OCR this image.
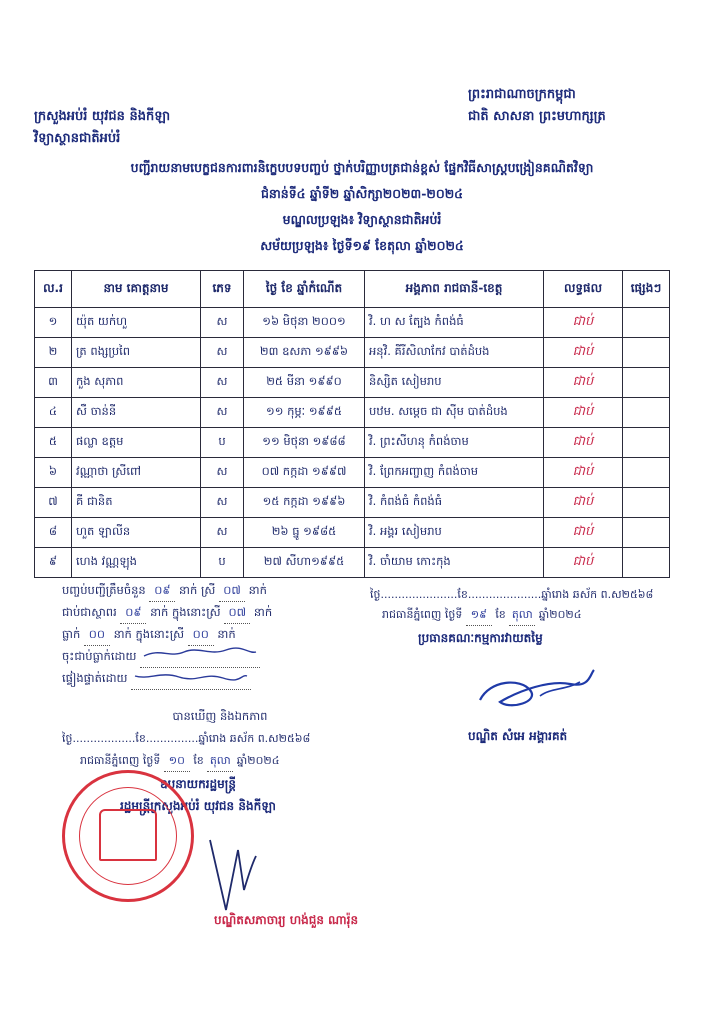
ក្រសួងអប់រំ យុវជន និងកីឡា
វិទ្យាស្ថានជាតិអប់រំ
ព្រះរាជាណាចក្រកម្ពុជា
ជាតិ សាសនា ព្រះមហាក្សត្រ
បញ្ជីរាយនាមបេក្ខជនការពារនិក្ខេបបទបញ្ចប់ ថ្នាក់បរិញ្ញាបត្រជាន់ខ្ពស់ ផ្នែកវិធីសាស្ត្របង្រៀនគណិតវិទ្យា
ជំនាន់ទី៤ ឆ្នាំទី២ ឆ្នាំសិក្សា២០២៣-២០២៤
មណ្ឌលប្រឡង៖ វិទ្យាស្ថានជាតិអប់រំ
សម័យប្រឡង៖ ថ្ងៃទី១៩ ខែតុលា ឆ្នាំ២០២៤
ល.រ	នាម គោត្តនាម	ភេទ	ថ្ងៃ ខែ ឆ្នាំកំណើត	អង្គភាព រាជធានី-ខេត្ត	លទ្ធផល	ផ្សេងៗ
១	យ៉ុត យក់ហួ	ស	១៦ មិថុនា ២០០១	វិ. ហ ស ត្បែង កំពង់ធំ	ជាប់	
២	ត្រ ពង្សប្រពៃ	ស	២៣ ឧសភា ១៩៩៦	អនុវិ. គីរីសិលាកែវ បាត់ដំបង	ជាប់	
៣	កួង សុភាព	ស	២៥ មីនា ១៩៩០	និស្សិត សៀមរាប	ជាប់	
៤	សឺ ចាន់នី	ស	១១ កុម្ភៈ ១៩៩៥	បឋម. សម្ដេច ជា ស៊ីម បាត់ដំបង	ជាប់	
៥	ផល្លា ឧត្តម	ប	១១ មិថុនា ១៩៨៨	វិ. ព្រះសីហនុ កំពង់ចាម	ជាប់	
៦	វណ្ណាថា ស្រីពៅ	ស	០៧ កក្កដា ១៩៩៧	វិ. ព្រែកអញ្ចាញ កំពង់ចាម	ជាប់	
៧	គី ជានិត	ស	១៥ កក្កដា ១៩៩៦	វិ. កំពង់ធំ កំពង់ធំ	ជាប់	
៨	ហួត ឡាលីន	ស	២៦ ធ្នូ ១៩៨៥	វិ. អង្គរ សៀមរាប	ជាប់	
៩	ហេង វណ្ណឡុង	ប	២៧ សីហា១៩៩៥	វិ. ចាំយាម កោះកុង	ជាប់	
បញ្ចប់បញ្ជីត្រឹមចំនួន ០៩ នាក់ ស្រី ០៧ នាក់
ជាប់ជាស្ថាពរ ០៩ នាក់ ក្នុងនោះស្រី ០៧ នាក់
ធ្លាក់ ០០ នាក់ ក្នុងនោះស្រី ០០ នាក់
ចុះជាប់ធ្លាក់ដោយ
ផ្ទៀងផ្ទាត់ដោយ
ថ្ងៃ......................ខែ.....................ឆ្នាំរោង ឆស័ក ព.ស២៥៦៨
រាជធានីភ្នំពេញ ថ្ងៃទី ១៩ ខែ តុលា ឆ្នាំ២០២៤
ប្រធានគណៈកម្មការវាយតម្លៃ
បណ្ឌិត សំអេ អង្គារគត់
បានឃើញ និងឯកភាព
ថ្ងៃ..................ខែ...............ឆ្នាំរោង ឆស័ក ព.ស២៥៦៨
រាជធានីភ្នំពេញ ថ្ងៃទី ១០ ខែ តុលា ឆ្នាំ២០២៤
ឧបនាយករដ្ឋមន្ត្រី
រដ្ឋមន្ត្រីក្រសួងអប់រំ យុវជន និងកីឡា
បណ្ឌិតសភាចារ្យ ហង់ជួន ណារ៉ុន
